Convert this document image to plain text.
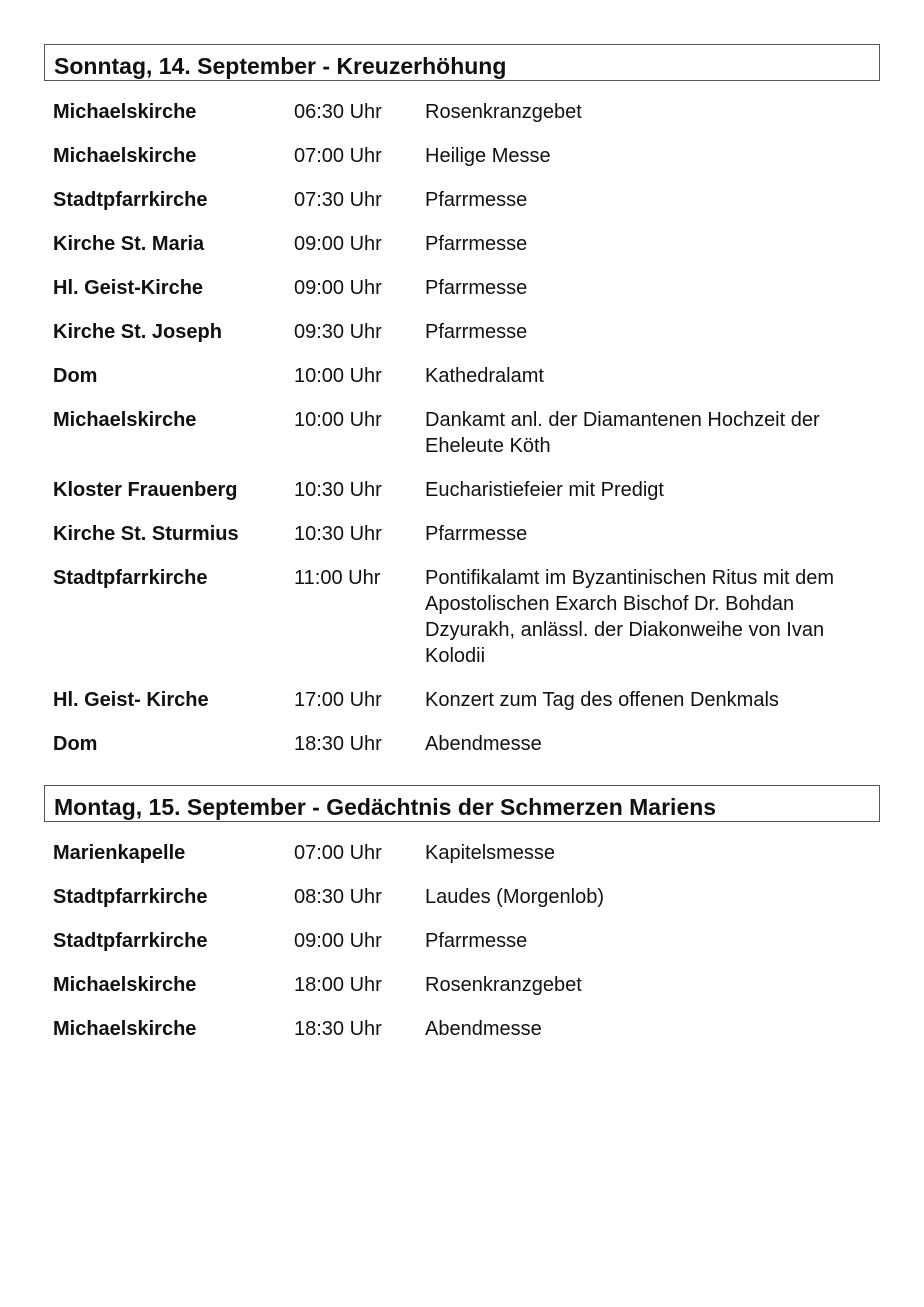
Sonntag, 14. September - Kreuzerhöhung
Michaelskirche	06:30 Uhr	Rosenkranzgebet
Michaelskirche	07:00 Uhr	Heilige Messe
Stadtpfarrkirche	07:30 Uhr	Pfarrmesse
Kirche St. Maria	09:00 Uhr	Pfarrmesse
Hl. Geist-Kirche	09:00 Uhr	Pfarrmesse
Kirche St. Joseph	09:30 Uhr	Pfarrmesse
Dom	10:00 Uhr	Kathedralamt
Michaelskirche	10:00 Uhr	Dankamt anl. der Diamantenen Hochzeit der Eheleute Köth
Kloster Frauenberg	10:30 Uhr	Eucharistiefeier mit Predigt
Kirche St. Sturmius	10:30 Uhr	Pfarrmesse
Stadtpfarrkirche	11:00 Uhr	Pontifikalamt im Byzantinischen Ritus mit dem Apostolischen Exarch Bischof Dr. Bohdan Dzyurakh, anlässl. der Diakonweihe von Ivan Kolodii
Hl. Geist- Kirche	17:00 Uhr	Konzert zum Tag des offenen Denkmals
Dom	18:30 Uhr	Abendmesse
Montag, 15. September - Gedächtnis der Schmerzen Mariens
Marienkapelle	07:00 Uhr	Kapitelsmesse
Stadtpfarrkirche	08:30 Uhr	Laudes (Morgenlob)
Stadtpfarrkirche	09:00 Uhr	Pfarrmesse
Michaelskirche	18:00 Uhr	Rosenkranzgebet
Michaelskirche	18:30 Uhr	Abendmesse
